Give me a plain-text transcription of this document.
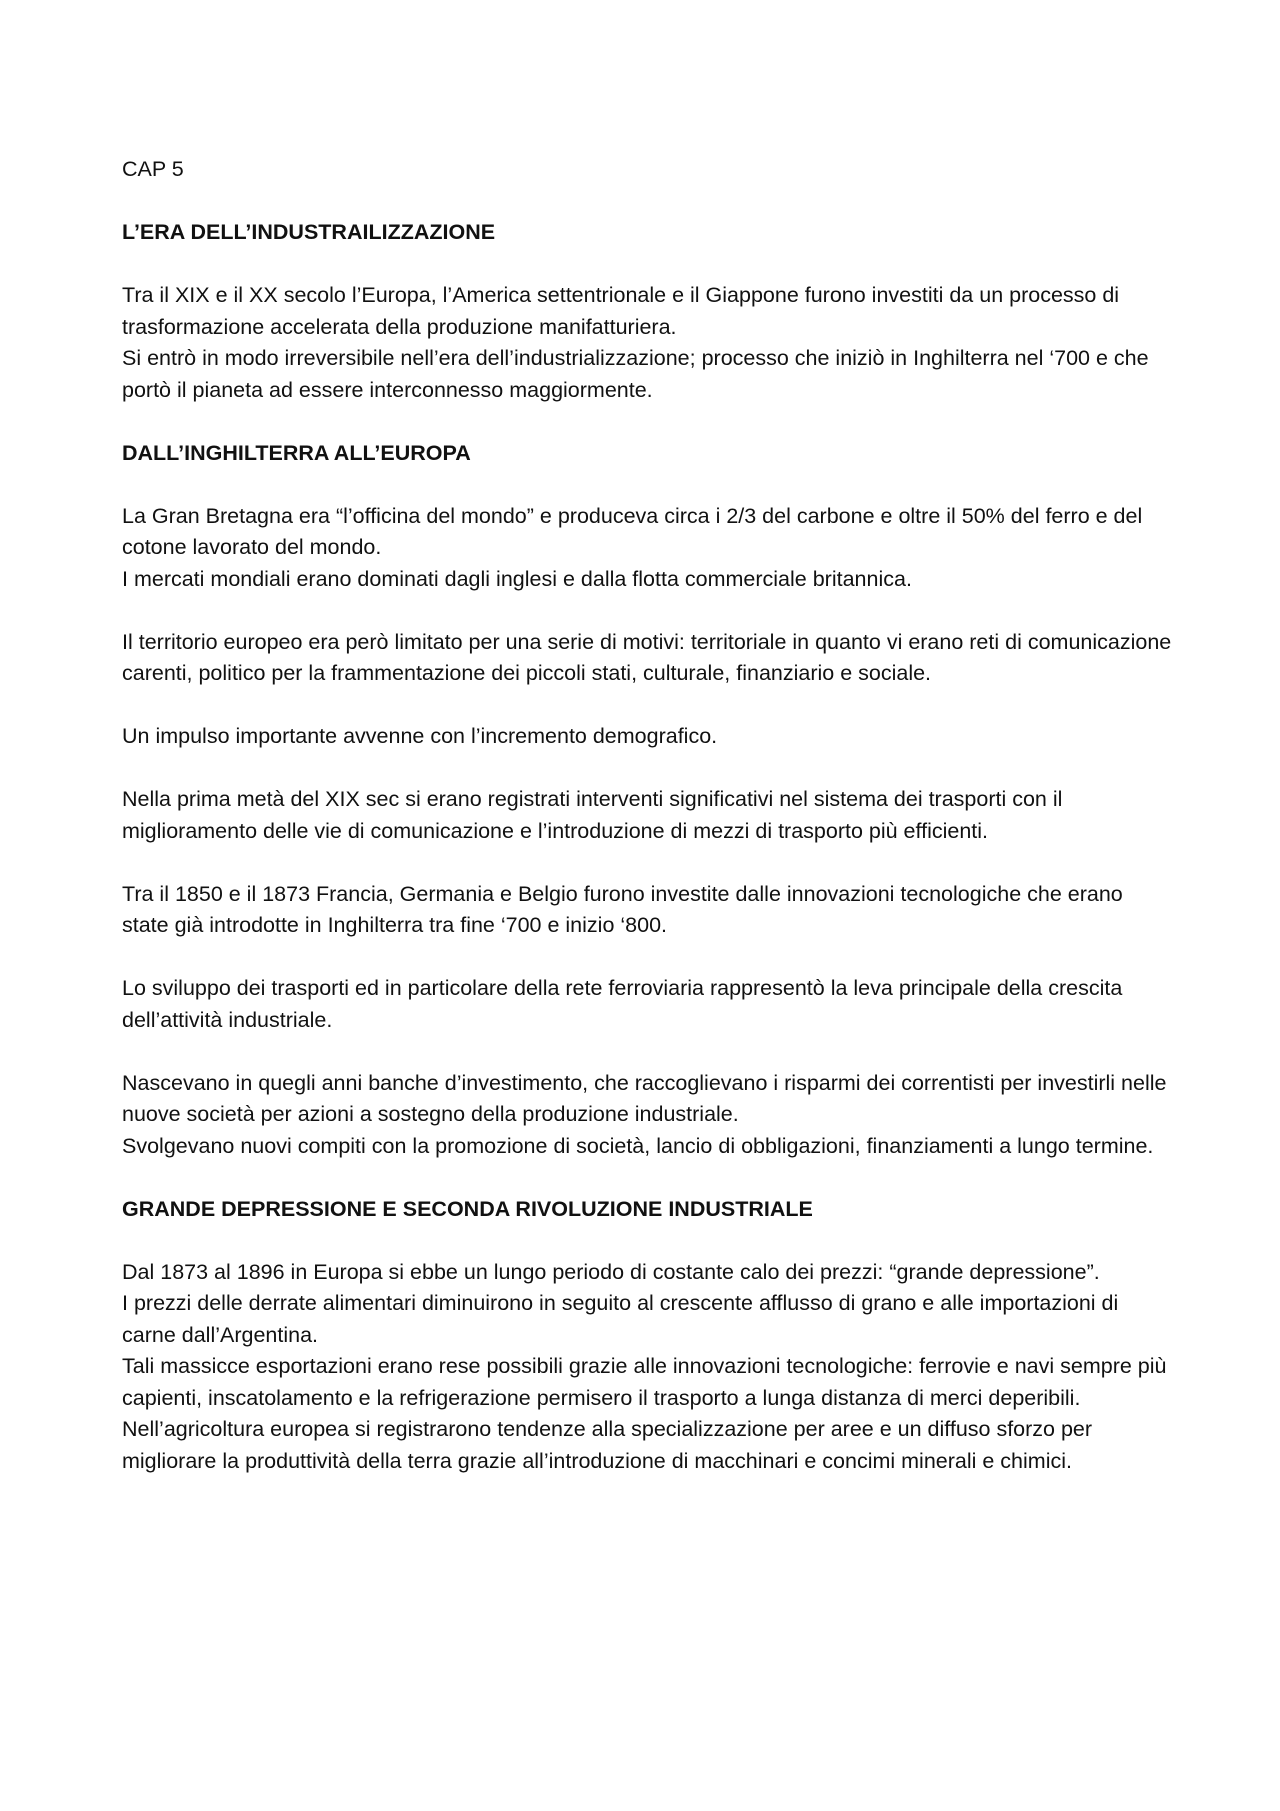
CAP 5

L’ERA DELL’INDUSTRAILIZZAZIONE

Tra il XIX e il XX secolo l’Europa, l’America settentrionale e il Giappone furono investiti da un processo di trasformazione accelerata della produzione manifatturiera.

Si entrò in modo irreversibile nell’era dell’industrializzazione; processo che iniziò in Inghilterra nel ‘700 e che portò il pianeta ad essere interconnesso maggiormente.

DALL’INGHILTERRA ALL’EUROPA

La Gran Bretagna era “l’officina del mondo” e produceva circa i 2/3 del carbone e oltre il 50% del ferro e del cotone lavorato del mondo.

I mercati mondiali erano dominati dagli inglesi e dalla flotta commerciale britannica.

Il territorio europeo era però limitato per una serie di motivi: territoriale in quanto vi erano reti di comunicazione carenti, politico per la frammentazione dei piccoli stati, culturale, finanziario e sociale.

Un impulso importante avvenne con l’incremento demografico.

Nella prima metà del XIX sec si erano registrati interventi significativi nel sistema dei trasporti con il miglioramento delle vie di comunicazione e l’introduzione di mezzi di trasporto più efficienti.

Tra il 1850 e il 1873 Francia, Germania e Belgio furono investite dalle innovazioni tecnologiche che erano state già introdotte in Inghilterra tra fine ‘700 e inizio ‘800.

Lo sviluppo dei trasporti ed in particolare della rete ferroviaria rappresentò la leva principale della crescita dell’attività industriale.

Nascevano in quegli anni banche d’investimento, che raccoglievano i risparmi dei correntisti per investirli nelle nuove società per azioni a sostegno della produzione industriale.

Svolgevano nuovi compiti con la promozione di società, lancio di obbligazioni, finanziamenti a lungo termine.

GRANDE DEPRESSIONE E SECONDA RIVOLUZIONE INDUSTRIALE

Dal 1873 al 1896 in Europa si ebbe un lungo periodo di costante calo dei prezzi: “grande depressione”.

I prezzi delle derrate alimentari diminuirono in seguito al crescente afflusso di grano e alle importazioni di carne dall’Argentina.

Tali massicce esportazioni erano rese possibili grazie alle innovazioni tecnologiche: ferrovie e navi sempre più capienti, inscatolamento e la refrigerazione permisero il trasporto a lunga distanza di merci deperibili.

Nell’agricoltura europea si registrarono tendenze alla specializzazione per aree e un diffuso sforzo per migliorare la produttività della terra grazie all’introduzione di macchinari e concimi minerali e chimici.
